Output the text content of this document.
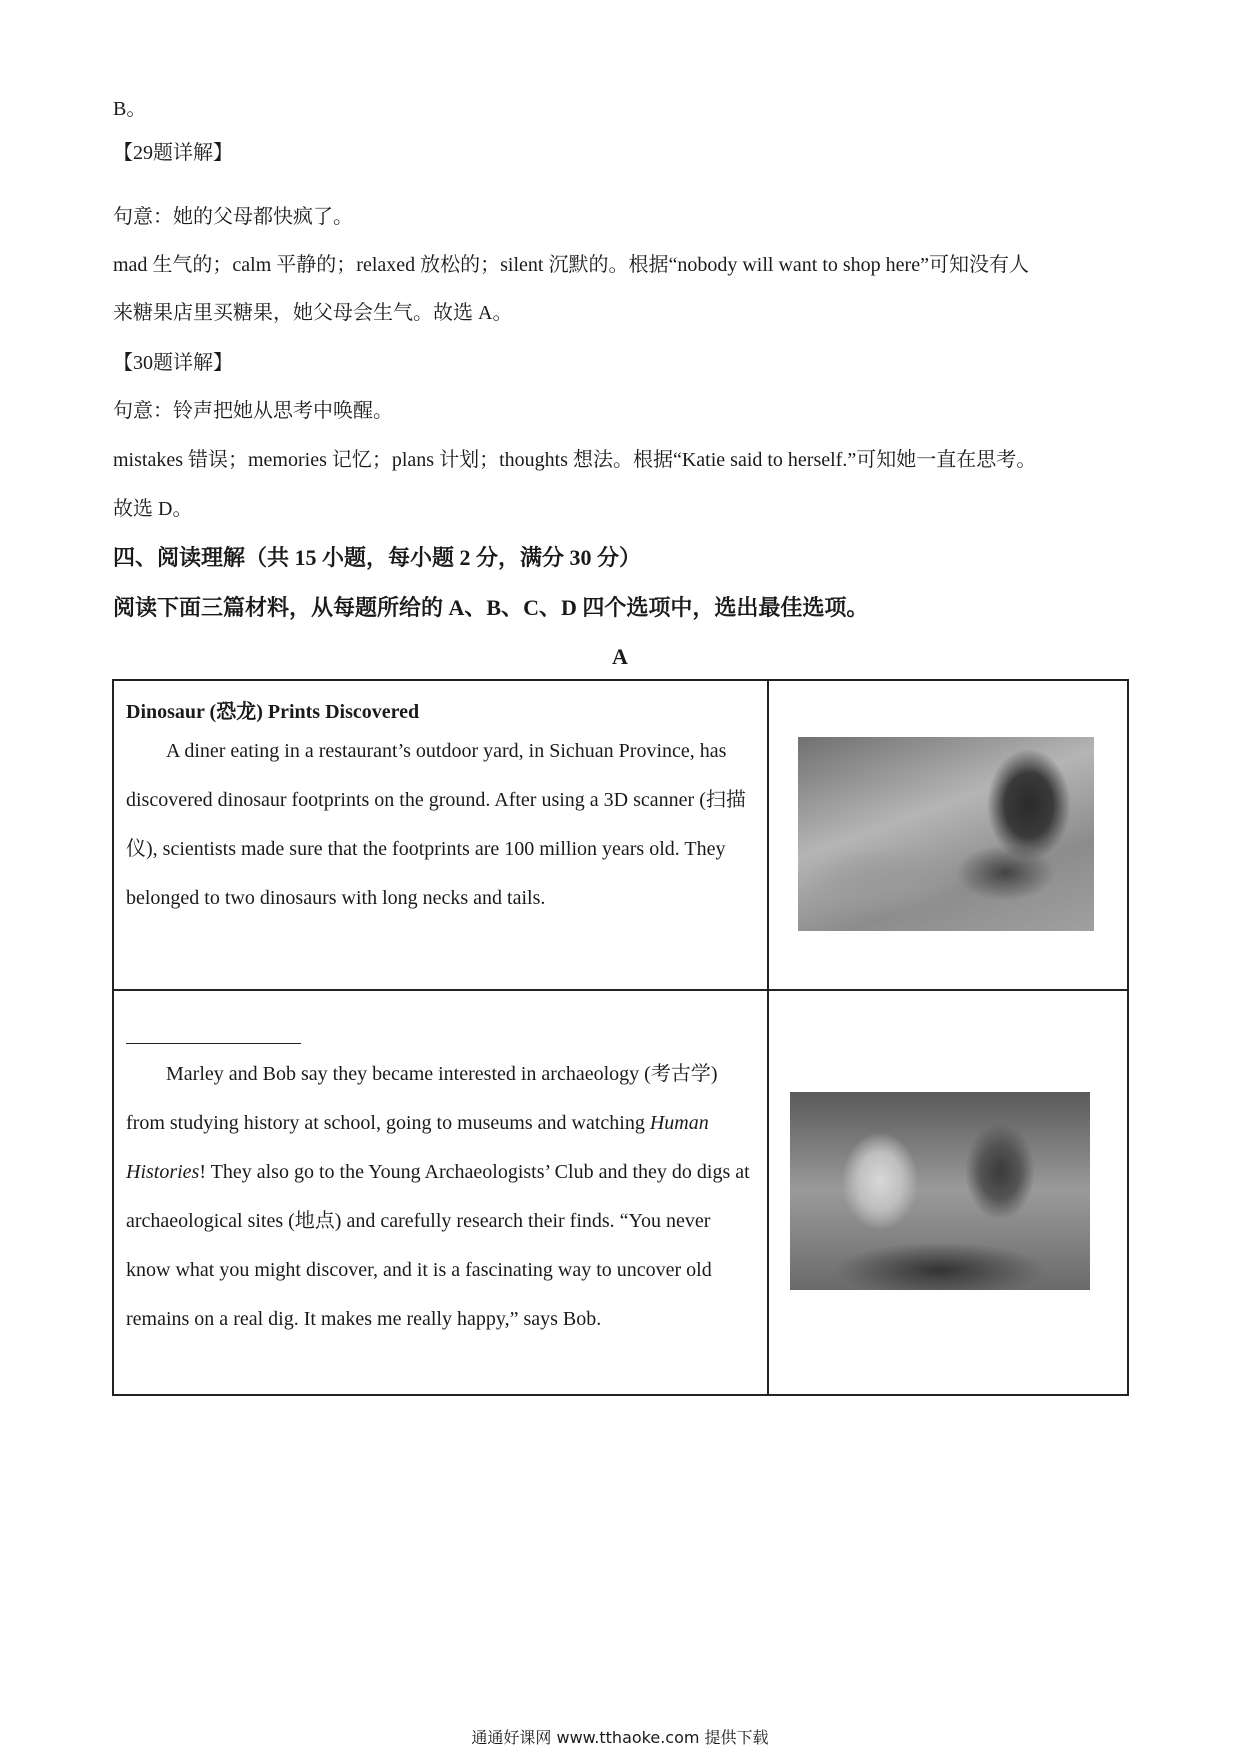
B。
【29题详解】
句意：她的父母都快疯了。
mad 生气的；calm 平静的；relaxed 放松的；silent 沉默的。根据“nobody will want to shop here”可知没有人
来糖果店里买糖果，她父母会生气。故选 A。
【30题详解】
句意：铃声把她从思考中唤醒。
mistakes 错误；memories 记忆；plans 计划；thoughts 想法。根据“Katie said to herself.”可知她一直在思考。
故选 D。
四、阅读理解（共 15 小题，每小题 2 分，满分 30 分）
阅读下面三篇材料，从每题所给的 A、B、C、D 四个选项中，选出最佳选项。
A
Dinosaur (恐龙) Prints Discovered

A diner eating in a restaurant’s outdoor yard, in Sichuan Province, has discovered dinosaur footprints on the ground. After using a 3D scanner (扫描仪), scientists made sure that the footprints are 100 million years old. They belonged to two dinosaurs with long necks and tails.	

Marley and Bob say they became interested in archaeology (考古学) from studying history at school, going to museums and watching Human Histories! They also go to the Young Archaeologists’ Club and they do digs at archaeological sites (地点) and carefully research their finds. “You never know what you might discover, and it is a fascinating way to uncover old remains on a real dig. It makes me really happy,” says Bob.	

通通好课网 www.tthaoke.com 提供下载
